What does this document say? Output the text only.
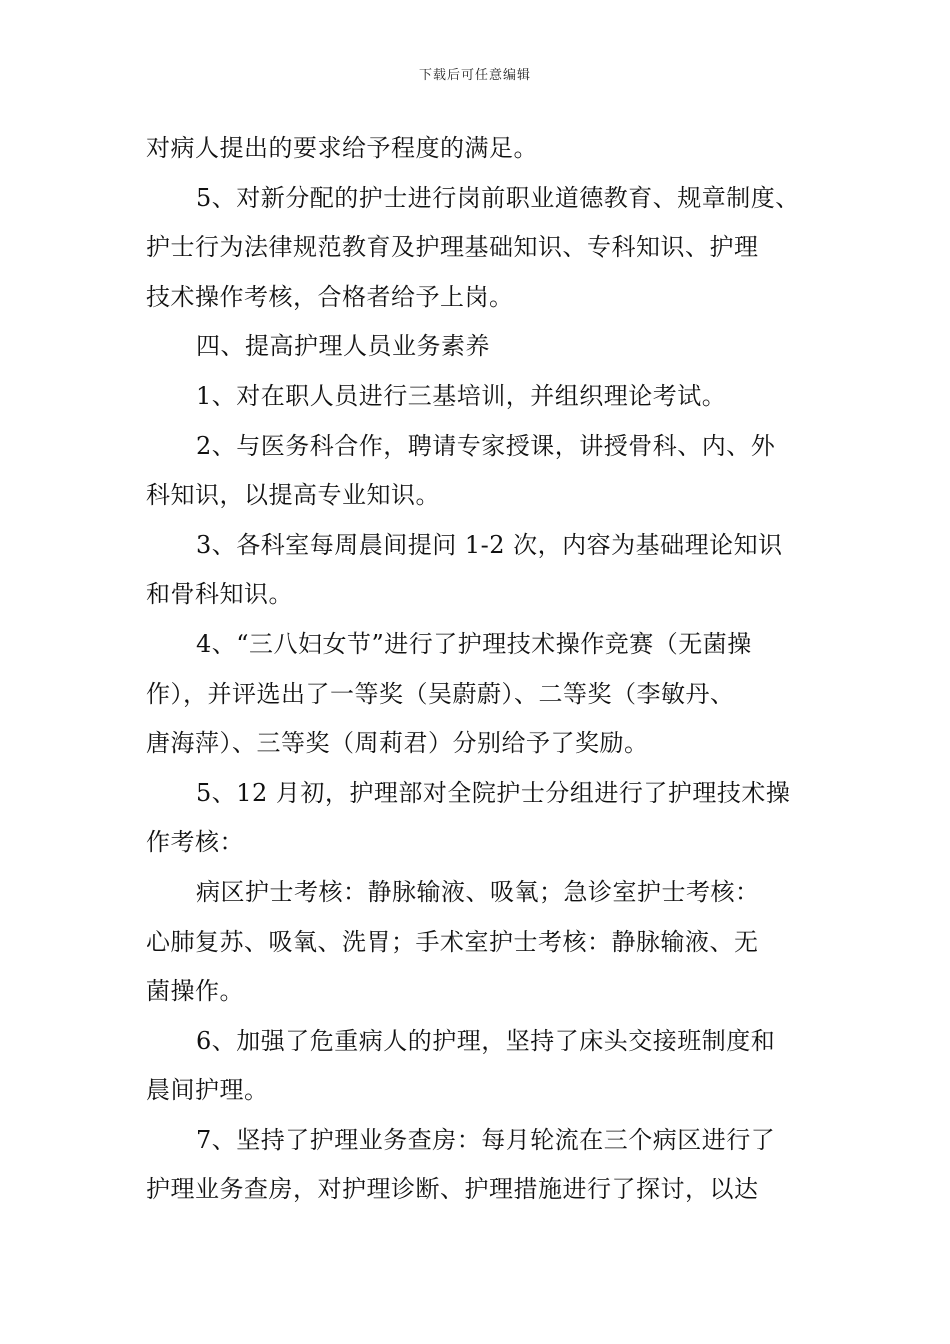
下载后可任意编辑
对病人提出的要求给予程度的满足。
5、对新分配的护士进行岗前职业道德教育、规章制度、
护士行为法律规范教育及护理基础知识、专科知识、护理
技术操作考核，合格者给予上岗。
四、提高护理人员业务素养
1、对在职人员进行三基培训，并组织理论考试。
2、与医务科合作，聘请专家授课，讲授骨科、内、外
科知识，以提高专业知识。
3、各科室每周晨间提问 1-2 次，内容为基础理论知识
和骨科知识。
4、“三八妇女节”进行了护理技术操作竞赛（无菌操
作），并评选出了一等奖（吴蔚蔚）、二等奖（李敏丹、
唐海萍）、三等奖（周莉君）分别给予了奖励。
5、12 月初，护理部对全院护士分组进行了护理技术操
作考核：
病区护士考核：静脉输液、吸氧；急诊室护士考核：
心肺复苏、吸氧、洗胃；手术室护士考核：静脉输液、无
菌操作。
6、加强了危重病人的护理，坚持了床头交接班制度和
晨间护理。
7、坚持了护理业务查房：每月轮流在三个病区进行了
护理业务查房，对护理诊断、护理措施进行了探讨，以达
